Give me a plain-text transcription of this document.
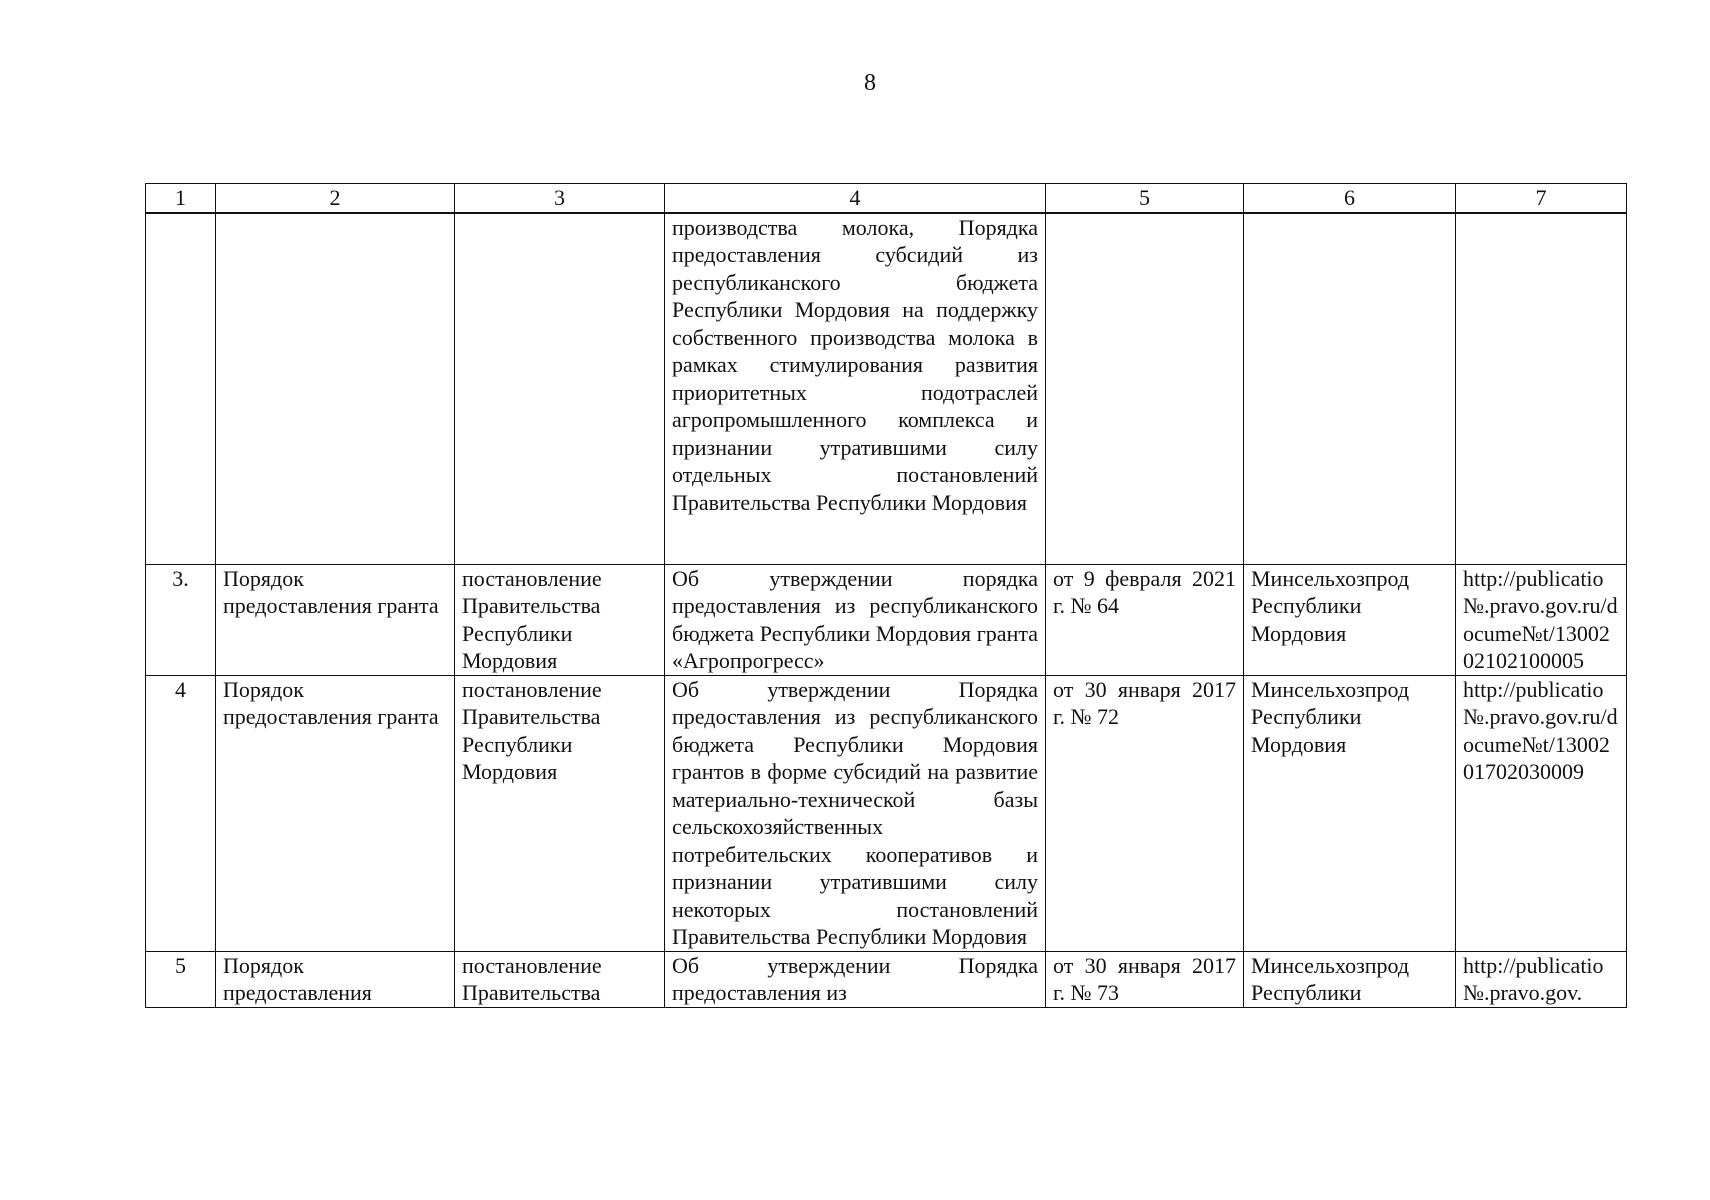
8
1	2	3	4	5	6	7
			производства молока, Порядка предоставления субсидий из республиканского бюджета Республики Мордовия на поддержку собственного производства молока в рамках стимулирования развития приоритетных подотраслей агропромышленного комплекса и признании утратившими силу отдельных постановлений Правительства Республики Мордовия			
3.	Порядок предоставления гранта	постановление Правительства Республики Мордовия	Об утверждении порядка предоставления из республиканского бюджета Республики Мордовия гранта «Агропрогресс»	от 9 февраля 2021 г. № 64	Минсельхозпрод Республики Мордовия	http://publicatio№.pravo.gov.ru/docume№t/1300202102100005
4	Порядок предоставления гранта	постановление Правительства Республики Мордовия	Об утверждении Порядка предоставления из республиканского бюджета Республики Мордовия грантов в форме субсидий на развитие материально-технической базы сельскохозяйственных потребительских кооперативов и признании утратившими силу некоторых постановлений Правительства Республики Мордовия	от 30 января 2017 г. № 72	Минсельхозпрод Республики Мордовия	http://publicatio№.pravo.gov.ru/docume№t/1300201702030009
5	Порядок предоставления	постановление Правительства	Об утверждении Порядка предоставления из	от 30 января 2017 г. № 73	Минсельхозпрод Республики	http://publicatio№.pravo.gov.
